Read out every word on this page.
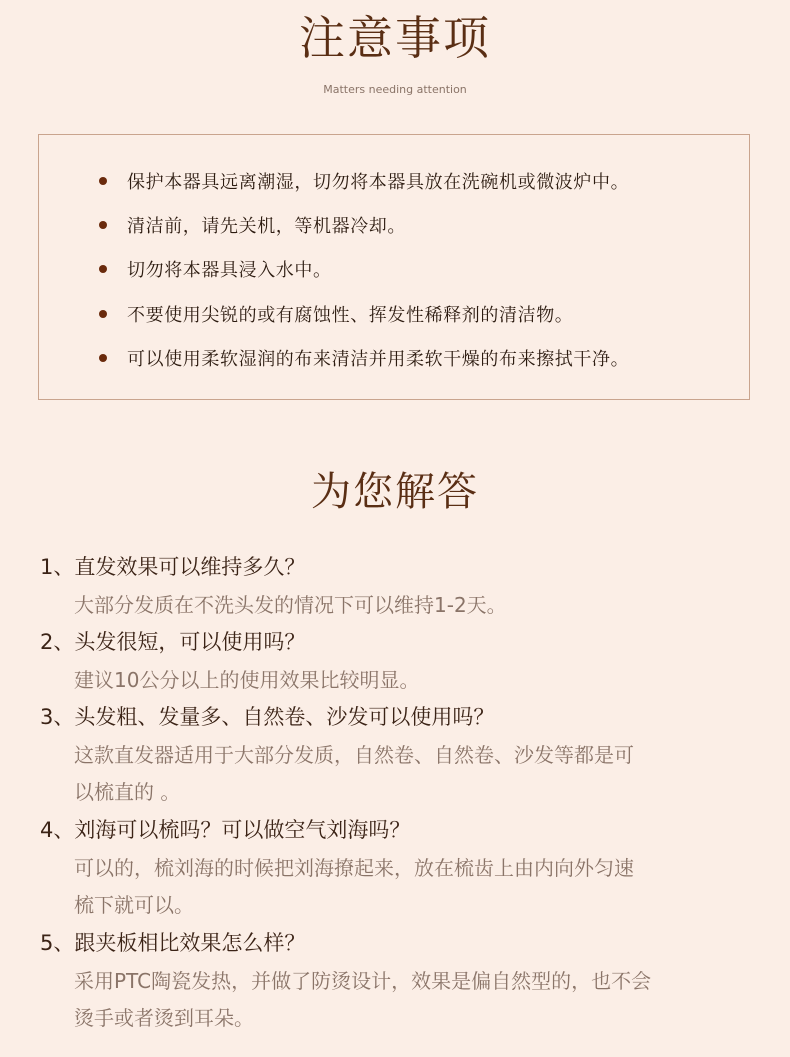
注意事项
Matters needing attention
保护本器具远离潮湿，切勿将本器具放在洗碗机或微波炉中。
清洁前，请先关机，等机器冷却。
切勿将本器具浸入水中。
不要使用尖锐的或有腐蚀性、挥发性稀释剂的清洁物。
可以使用柔软湿润的布来清洁并用柔软干燥的布来擦拭干净。
为您解答
1、直发效果可以维持多久？
大部分发质在不洗头发的情况下可以维持1-2天。
2、头发很短，可以使用吗？
建议10公分以上的使用效果比较明显。
3、头发粗、发量多、自然卷、沙发可以使用吗？
这款直发器适用于大部分发质，自然卷、自然卷、沙发等都是可
以梳直的 。
4、刘海可以梳吗？可以做空气刘海吗？
可以的，梳刘海的时候把刘海撩起来，放在梳齿上由内向外匀速
梳下就可以。
5、跟夹板相比效果怎么样？
采用PTC陶瓷发热，并做了防烫设计，效果是偏自然型的，也不会
烫手或者烫到耳朵。
